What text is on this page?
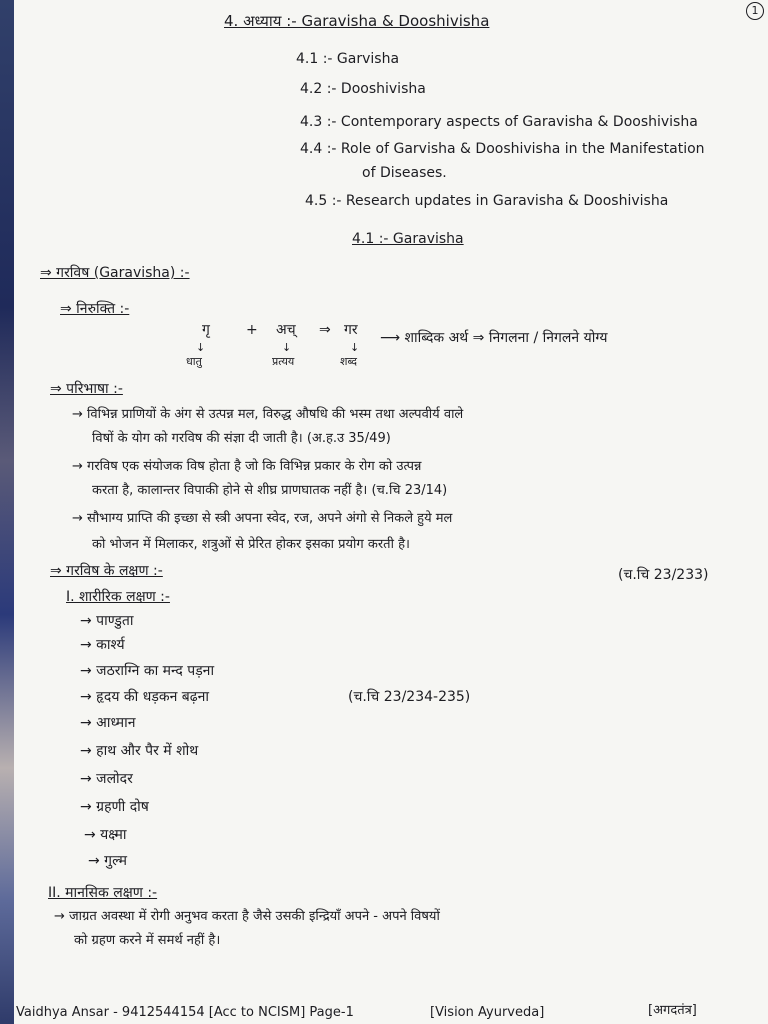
1
4. अध्याय :- Garavisha & Dooshivisha
4.1 :- Garvisha
4.2 :- Dooshivisha
4.3 :- Contemporary aspects of Garavisha & Dooshivisha
4.4 :- Role of Garvisha & Dooshivisha in the Manifestation
of Diseases.
4.5 :- Research updates in Garavisha & Dooshivisha
4.1 :- Garavisha
⇒ गरविष (Garavisha) :-
⇒ निरुक्ति :-
गृ	+ अच् ⇒ गर ⟶ शाब्दिक अर्थ ⇒ निगलना / निगलने योग्य
↓	↓	↓
धातु	प्रत्यय	शब्द
⇒ परिभाषा :-
→ विभिन्न प्राणियों के अंग से उत्पन्न मल, विरुद्ध औषधि की भस्म तथा अल्पवीर्य वाले
विषों के योग को गरविष की संज्ञा दी जाती है। (अ.ह.उ 35/49)
→ गरविष एक संयोजक विष होता है जो कि विभिन्न प्रकार के रोग को उत्पन्न
करता है, कालान्तर विपाकी होने से शीघ्र प्राणघातक नहीं है। (च.चि 23/14)
→ सौभाग्य प्राप्ति की इच्छा से स्त्री अपना स्वेद, रज, अपने अंगो से निकले हुये मल
को भोजन में मिलाकर, शत्रुओं से प्रेरित होकर इसका प्रयोग करती है।
⇒ गरविष के लक्षण :-	(च.चि 23/233)
I. शारीरिक लक्षण :-
→ पाण्डुता
→ कार्श्य
→ जठराग्नि का मन्द पड़ना
→ हृदय की धड़कन बढ़ना	(च.चि 23/234-235)
→ आध्मान
→ हाथ और पैर में शोथ
→ जलोदर
→ ग्रहणी दोष
→ यक्ष्मा
→ गुल्म
II. मानसिक लक्षण :-
→ जाग्रत अवस्था में रोगी अनुभव करता है जैसे उसकी इन्द्रियाँ अपने - अपने विषयों
को ग्रहण करने में समर्थ नहीं है।
Vaidhya Ansar - 9412544154 [Acc to NCISM] Page-1	[Vision Ayurveda]	[अगदतंत्र]
